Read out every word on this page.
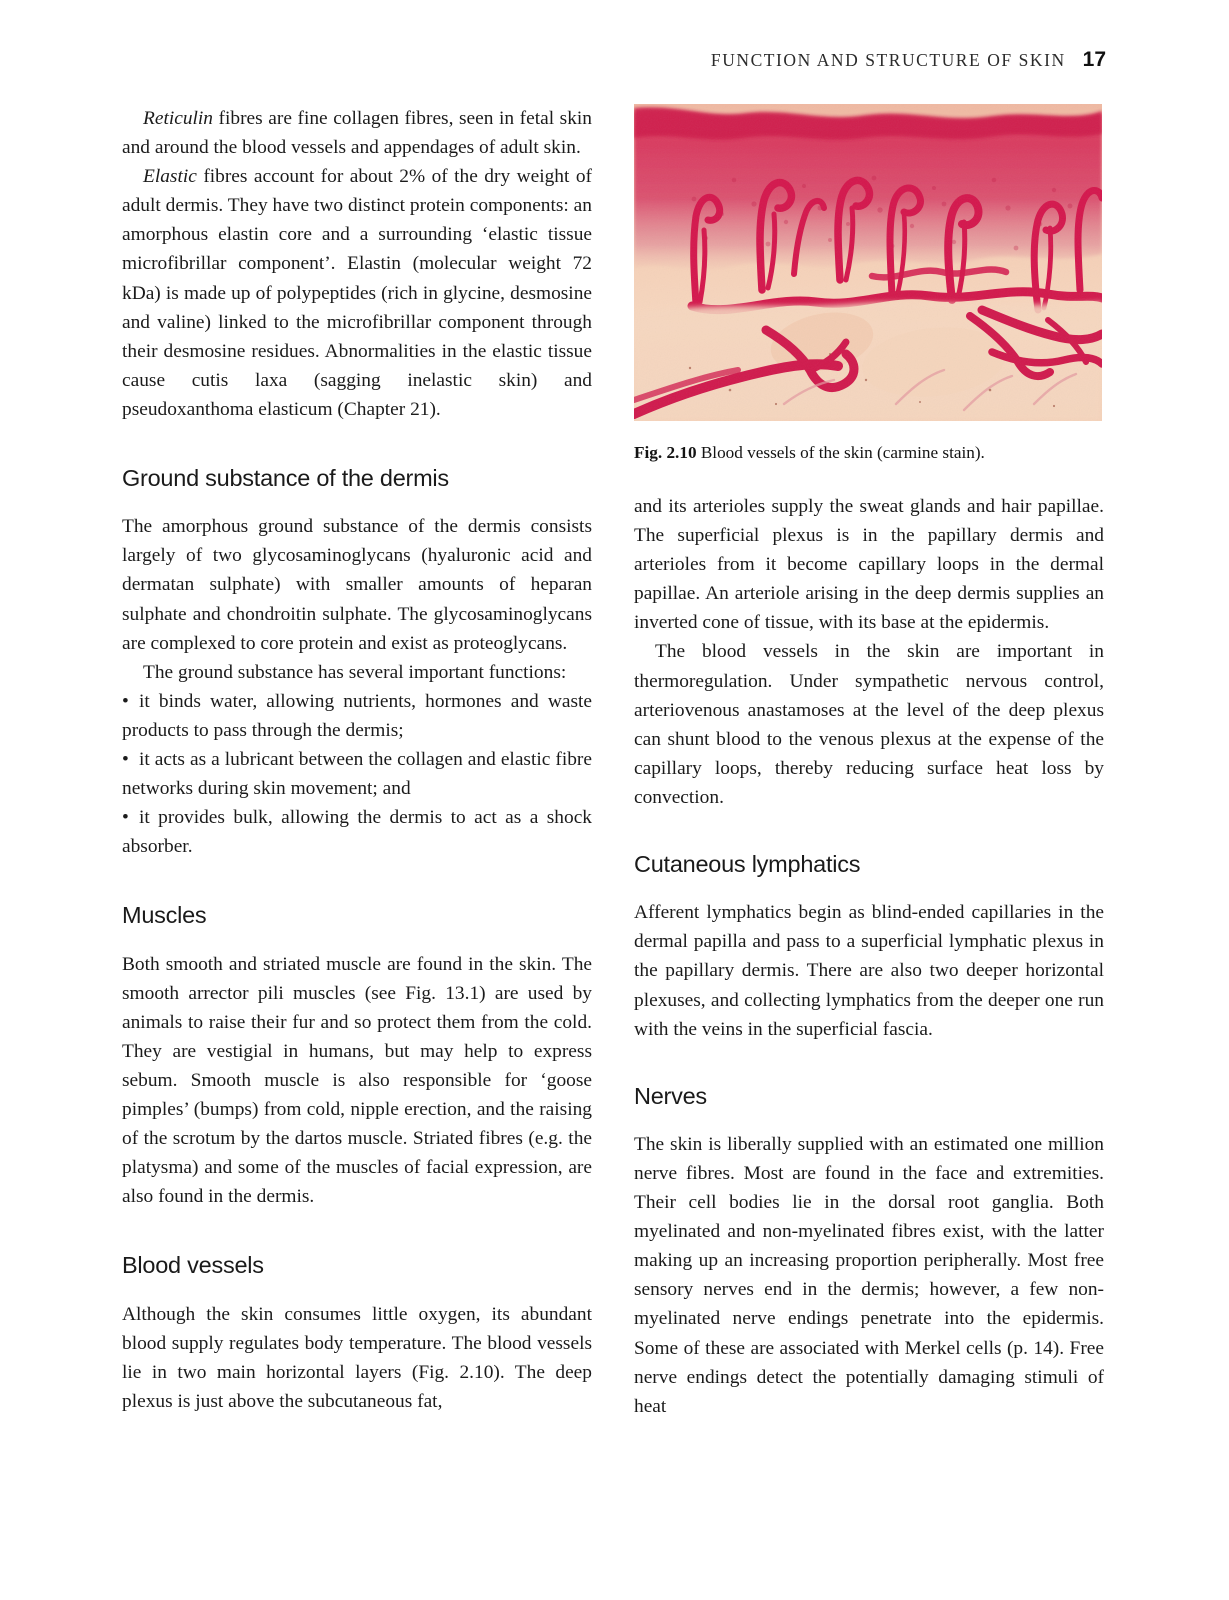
FUNCTION AND STRUCTURE OF SKIN 17

Reticulin fibres are fine collagen fibres, seen in fetal skin and around the blood vessels and appendages of adult skin.

Elastic fibres account for about 2% of the dry weight of adult dermis. They have two distinct protein components: an amorphous elastin core and a surrounding ‘elastic tissue microfibrillar component’. Elastin (molecular weight 72 kDa) is made up of polypeptides (rich in glycine, desmosine and valine) linked to the microfibrillar component through their desmosine residues. Abnormalities in the elastic tissue cause cutis laxa (sagging inelastic skin) and pseudoxanthoma elasticum (Chapter 21).

Ground substance of the dermis

The amorphous ground substance of the dermis consists largely of two glycosaminoglycans (hyaluronic acid and dermatan sulphate) with smaller amounts of heparan sulphate and chondroitin sulphate. The glycosaminoglycans are complexed to core protein and exist as proteoglycans.

The ground substance has several important functions:

• it binds water, allowing nutrients, hormones and waste products to pass through the dermis;

• it acts as a lubricant between the collagen and elastic fibre networks during skin movement; and

• it provides bulk, allowing the dermis to act as a shock absorber.

Muscles

Both smooth and striated muscle are found in the skin. The smooth arrector pili muscles (see Fig. 13.1) are used by animals to raise their fur and so protect them from the cold. They are vestigial in humans, but may help to express sebum. Smooth muscle is also responsible for ‘goose pimples’ (bumps) from cold, nipple erection, and the raising of the scrotum by the dartos muscle. Striated fibres (e.g. the platysma) and some of the muscles of facial expression, are also found in the dermis.

Blood vessels

Although the skin consumes little oxygen, its abundant blood supply regulates body temperature. The blood vessels lie in two main horizontal layers (Fig. 2.10). The deep plexus is just above the subcutaneous fat,

Fig. 2.10 Blood vessels of the skin (carmine stain).

and its arterioles supply the sweat glands and hair papillae. The superficial plexus is in the papillary dermis and arterioles from it become capillary loops in the dermal papillae. An arteriole arising in the deep dermis supplies an inverted cone of tissue, with its base at the epidermis.

The blood vessels in the skin are important in thermoregulation. Under sympathetic nervous control, arteriovenous anastamoses at the level of the deep plexus can shunt blood to the venous plexus at the expense of the capillary loops, thereby reducing surface heat loss by convection.

Cutaneous lymphatics

Afferent lymphatics begin as blind-ended capillaries in the dermal papilla and pass to a superficial lymphatic plexus in the papillary dermis. There are also two deeper horizontal plexuses, and collecting lymphatics from the deeper one run with the veins in the superficial fascia.

Nerves

The skin is liberally supplied with an estimated one million nerve fibres. Most are found in the face and extremities. Their cell bodies lie in the dorsal root ganglia. Both myelinated and non-myelinated fibres exist, with the latter making up an increasing proportion peripherally. Most free sensory nerves end in the dermis; however, a few non-myelinated nerve endings penetrate into the epidermis. Some of these are associated with Merkel cells (p. 14). Free nerve endings detect the potentially damaging stimuli of heat
